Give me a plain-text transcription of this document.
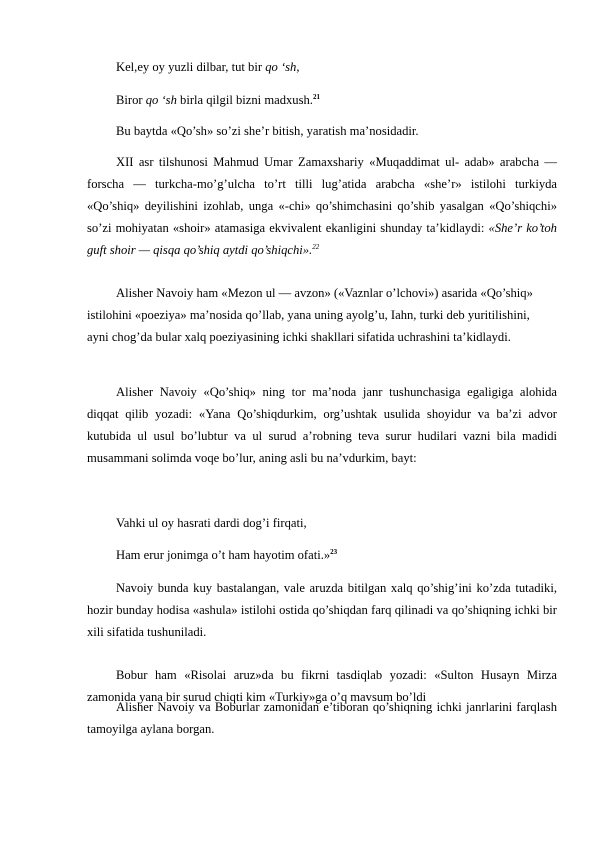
Kel,ey oy yuzli dilbar, tut bir qo ‘sh,

Biror qo ‘sh birla qilgil bizni madxush.$^{21}$

Bu baytda «Qo’sh» so’zi she’r bitish, yaratish ma’nosidadir.

XII asr tilshunosi Mahmud Umar Zamaxshariy «Muqaddimat ul- adab» arabcha — forscha — turkcha-mo’g’ulcha to’rt tilli lug’atida arabcha «she’r» istilohi turkiyda «Qo’shiq» deyilishini izohlab, unga «-chi» qo’shimchasini qo’shib yasalgan «Qo’shiqchi» so’zi mohiyatan «shoir» atamasiga ekvivalent ekanligini shunday ta’kidlaydi: «She’r ko’toh guft shoir — qisqa qo’shiq aytdi qo’shiqchi».$^{22}$

Alisher Navoiy ham «Mezon ul — avzon» («Vaznlar o’lchovi») asarida «Qo’shiq» istilohini «poeziya» ma’nosida qo’llab, yana uning ayolg’u, Iahn, turki deb yuritilishini, ayni chog’da bular xalq poeziyasining ichki shakllari sifatida uchrashini ta’kidlaydi.

Alisher Navoiy «Qo’shiq» ning tor ma’noda janr tushunchasiga egaligiga alohida diqqat qilib yozadi: «Yana Qo’shiqdurkim, org’ushtak usulida shoyidur va ba’zi advor kutubida ul usul bo’lubtur va ul surud a’robning teva surur hudilari vazni bila madidi musammani solimda voqe bo’lur, aning asli bu na’vdurkim, bayt:

Vahki ul oy hasrati dardi dog’i firqati,

Ham erur jonimga o’t ham hayotim ofati.»$^{23}$

Navoiy bunda kuy bastalangan, vale aruzda bitilgan xalq qo’shig’ini ko’zda tutadiki, hozir bunday hodisa «ashula» istilohi ostida qo’shiqdan farq qilinadi va qo’shiqning ichki bir xili sifatida tushuniladi.

Bobur ham «Risolai aruz»da bu fikrni tasdiqlab yozadi: «Sulton Husayn Mirza zamonida yana bir surud chiqti kim «Turkiy»ga o’q mavsum bo’ldi

Alisher Navoiy va Boburlar zamonidan e’tiboran qo’shiqning ichki janrlarini farqlash tamoyilga aylana borgan.
